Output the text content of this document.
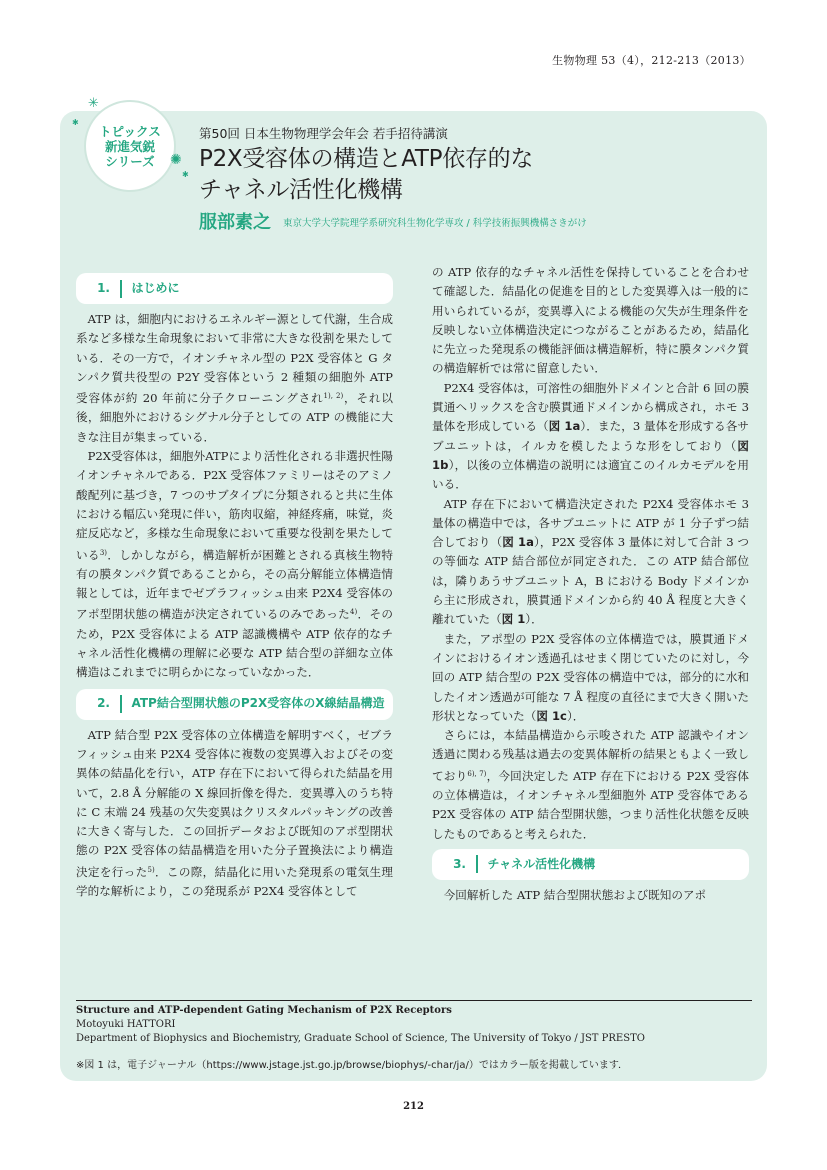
生物物理 53（4），212-213（2013）
トピックス
新進気鋭
シリーズ
✳
✺
✱
✱
第50回 日本生物物理学会年会 若手招待講演
P2X受容体の構造とATP依存的な
チャネル活性化機構
服部素之 東京大学大学院理学系研究科生物化学専攻 / 科学技術振興機構さきがけ
1. はじめに

ATP は，細胞内におけるエネルギー源として代謝，生合成系など多様な生命現象において非常に大きな役割を果たしている．その一方で，イオンチャネル型の P2X 受容体と G タンパク質共役型の P2Y 受容体という 2 種類の細胞外 ATP 受容体が約 20 年前に分子クローニングされ$^{1), 2)}$，それ以後，細胞外におけるシグナル分子としての ATP の機能に大きな注目が集まっている．

P2X受容体は，細胞外ATPにより活性化される非選択性陽イオンチャネルである．P2X 受容体ファミリーはそのアミノ酸配列に基づき，7 つのサブタイプに分類されると共に生体における幅広い発現に伴い，筋肉収縮，神経疼痛，味覚，炎症反応など，多様な生命現象において重要な役割を果たしている$^{3)}$．しかしながら，構造解析が困難とされる真核生物特有の膜タンパク質であることから，その高分解能立体構造情報としては，近年までゼブラフィッシュ由来 P2X4 受容体のアポ型閉状態の構造が決定されているのみであった$^{4)}$．そのため，P2X 受容体による ATP 認識機構や ATP 依存的なチャネル活性化機構の理解に必要な ATP 結合型の詳細な立体構造はこれまでに明らかになっていなかった．

2. ATP結合型開状態のP2X受容体のX線結晶構造

ATP 結合型 P2X 受容体の立体構造を解明すべく，ゼブラフィッシュ由来 P2X4 受容体に複数の変異導入およびその変異体の結晶化を行い，ATP 存在下において得られた結晶を用いて，2.8 Å 分解能の X 線回折像を得た．変異導入のうち特に C 末端 24 残基の欠失変異はクリスタルパッキングの改善に大きく寄与した．この回折データおよび既知のアポ型閉状態の P2X 受容体の結晶構造を用いた分子置換法により構造決定を行った$^{5)}$．この際，結晶化に用いた発現系の電気生理学的な解析により，この発現系が P2X4 受容体として

の ATP 依存的なチャネル活性を保持していることを合わせて確認した．結晶化の促進を目的とした変異導入は一般的に用いられているが，変異導入による機能の欠失が生理条件を反映しない立体構造決定につながることがあるため，結晶化に先立った発現系の機能評価は構造解析，特に膜タンパク質の構造解析では常に留意したい．

P2X4 受容体は，可溶性の細胞外ドメインと合計 6 回の膜貫通ヘリックスを含む膜貫通ドメインから構成され，ホモ 3 量体を形成している（図 1a）．また，3 量体を形成する各サブユニットは，イルカを模したような形をしており（図 1b），以後の立体構造の説明には適宜このイルカモデルを用いる．

ATP 存在下において構造決定された P2X4 受容体ホモ 3 量体の構造中では，各サブユニットに ATP が 1 分子ずつ結合しており（図 1a），P2X 受容体 3 量体に対して合計 3 つの等価な ATP 結合部位が同定された．この ATP 結合部位は，隣りあうサブユニット A，B における Body ドメインから主に形成され，膜貫通ドメインから約 40 Å 程度と大きく離れていた（図 1）．

また，アポ型の P2X 受容体の立体構造では，膜貫通ドメインにおけるイオン透過孔はせまく閉じていたのに対し，今回の ATP 結合型の P2X 受容体の構造中では，部分的に水和したイオン透過が可能な 7 Å 程度の直径にまで大きく開いた形状となっていた（図 1c）．

さらには，本結晶構造から示唆された ATP 認識やイオン透過に関わる残基は過去の変異体解析の結果ともよく一致しており$^{6), 7)}$，今回決定した ATP 存在下における P2X 受容体の立体構造は，イオンチャネル型細胞外 ATP 受容体である P2X 受容体の ATP 結合型開状態，つまり活性化状態を反映したものであると考えられた．

3. チャネル活性化機構

今回解析した ATP 結合型開状態および既知のアポ

Structure and ATP-dependent Gating Mechanism of P2X Receptors
Motoyuki HATTORI
Department of Biophysics and Biochemistry, Graduate School of Science, The University of Tokyo / JST PRESTO
※図 1 は，電子ジャーナル（https://www.jstage.jst.go.jp/browse/biophys/-char/ja/）ではカラー版を掲載しています．
212
